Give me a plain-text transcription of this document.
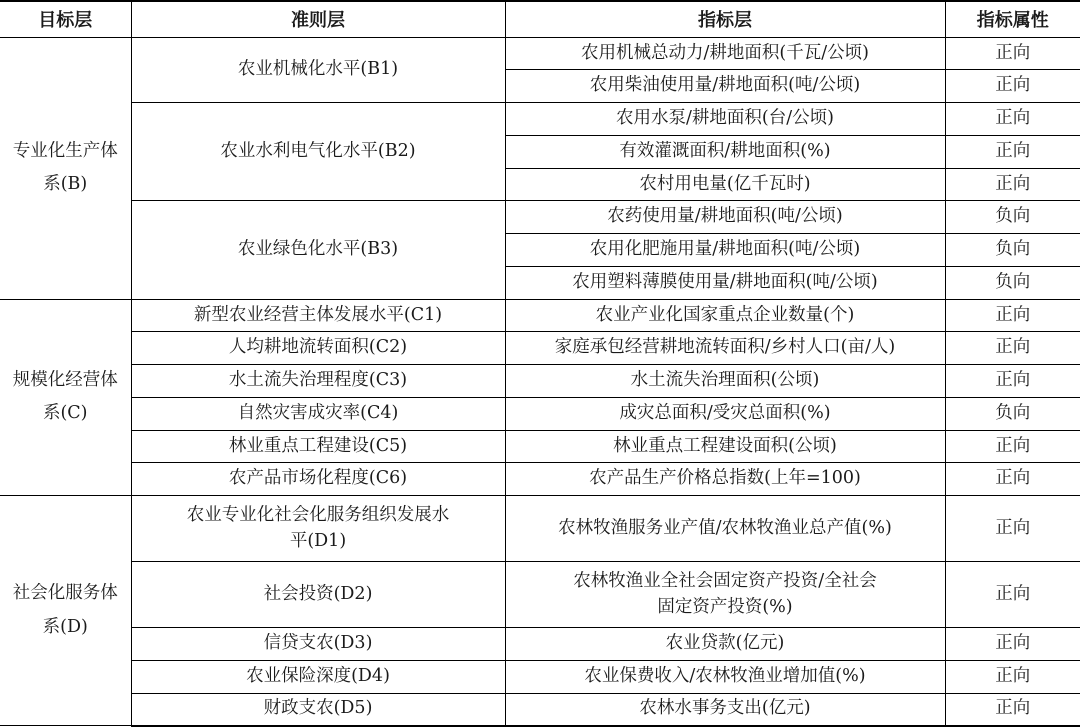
目标层	准则层	指标层	指标属性
专业化生产体系(B)	农业机械化水平(B1)	农用机械总动力/耕地面积(千瓦/公顷)	正向
		农用柴油使用量/耕地面积(吨/公顷)	正向
	农业水利电气化水平(B2)	农用水泵/耕地面积(台/公顷)	正向
		有效灌溉面积/耕地面积(%)	正向
		农村用电量(亿千瓦时)	正向
	农业绿色化水平(B3)	农药使用量/耕地面积(吨/公顷)	负向
		农用化肥施用量/耕地面积(吨/公顷)	负向
		农用塑料薄膜使用量/耕地面积(吨/公顷)	负向
规模化经营体系(C)	新型农业经营主体发展水平(C1)	农业产业化国家重点企业数量(个)	正向
	人均耕地流转面积(C2)	家庭承包经营耕地流转面积/乡村人口(亩/人)	正向
	水土流失治理程度(C3)	水土流失治理面积(公顷)	正向
	自然灾害成灾率(C4)	成灾总面积/受灾总面积(%)	负向
	林业重点工程建设(C5)	林业重点工程建设面积(公顷)	正向
	农产品市场化程度(C6)	农产品生产价格总指数(上年=100)	正向
社会化服务体系(D)	农业专业化社会化服务组织发展水平(D1)	农林牧渔服务业产值/农林牧渔业总产值(%)	正向
	社会投资(D2)	农林牧渔业全社会固定资产投资/全社会固定资产投资(%)	正向
	信贷支农(D3)	农业贷款(亿元)	正向
	农业保险深度(D4)	农业保费收入/农林牧渔业增加值(%)	正向
	财政支农(D5)	农林水事务支出(亿元)	正向
